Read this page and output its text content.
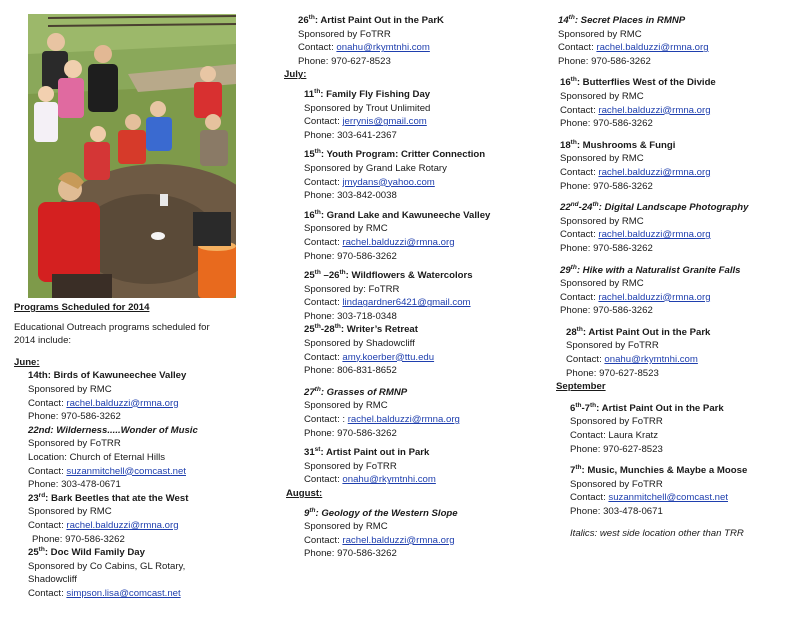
Programs Scheduled for 2014
Educational Outreach programs scheduled for
2014 include:
June:
14th: Birds of Kawuneechee Valley
Sponsored by RMC
Contact: rachel.balduzzi@rmna.org
Phone: 970-586-3262
22nd: Wilderness.....Wonder of Music
Sponsored by FoTRR
Location: Church of Eternal Hills
Contact: suzanmitchell@comcast.net
Phone: 303-478-0671
23rd: Bark Beetles that ate the West
Sponsored by RMC
Contact: rachel.balduzzi@rmna.org
Phone: 970-586-3262
25th: Doc Wild Family Day
Sponsored by Co Cabins, GL Rotary,
Shadowcliff
Contact: simpson.lisa@comcast.net
26th: Artist Paint Out in the ParK
Sponsored by FoTRR
Contact: onahu@rkymtnhi.com
Phone: 970-627-8523
July:
11th: Family Fly Fishing Day
Sponsored by Trout Unlimited
Contact: jerrynis@gmail.com
Phone: 303-641-2367
15th: Youth Program: Critter Connection
Sponsored by Grand Lake Rotary
Contact: jmydans@yahoo.com
Phone: 303-842-0038
16th: Grand Lake and Kawuneeche Valley
Sponsored by RMC
Contact: rachel.balduzzi@rmna.org
Phone: 970-586-3262
25th –26th: Wildflowers & Watercolors
Sponsored by: FoTRR
Contact: lindagardner6421@gmail.com
Phone: 303-718-0348
25th-28th: Writer’s Retreat
Sponsored by Shadowcliff
Contact: amy.koerber@ttu.edu
Phone: 806-831-8652
27th: Grasses of RMNP
Sponsored by RMC
Contact: : rachel.balduzzi@rmna.org
Phone: 970-586-3262
31st: Artist Paint out in Park
Sponsored by FoTRR
Contact: onahu@rkymtnhi.com
August:
9th: Geology of the Western Slope
Sponsored by RMC
Contact: rachel.balduzzi@rmna.org
Phone: 970-586-3262
14th: Secret Places in RMNP
Sponsored by RMC
Contact: rachel.balduzzi@rmna.org
Phone: 970-586-3262
16th: Butterflies West of the Divide
Sponsored by RMC
Contact: rachel.balduzzi@rmna.org
Phone: 970-586-3262
18th: Mushrooms & Fungi
Sponsored by RMC
Contact: rachel.balduzzi@rmna.org
Phone: 970-586-3262
22nd-24th: Digital Landscape Photography
Sponsored by RMC
Contact: rachel.balduzzi@rmna.org
Phone: 970-586-3262
29th: Hike with a Naturalist Granite Falls
Sponsored by RMC
Contact: rachel.balduzzi@rmna.org
Phone: 970-586-3262
28th: Artist Paint Out in the Park
Sponsored by FoTRR
Contact: onahu@rkymtnhi.com
Phone: 970-627-8523
September
6th-7th: Artist Paint Out in the Park
Sponsored by FoTRR
Contact: Laura Kratz
Phone: 970-627-8523
7th: Music, Munchies & Maybe a Moose
Sponsored by FoTRR
Contact: suzanmitchell@comcast.net
Phone: 303-478-0671
Italics: west side location other than TRR
